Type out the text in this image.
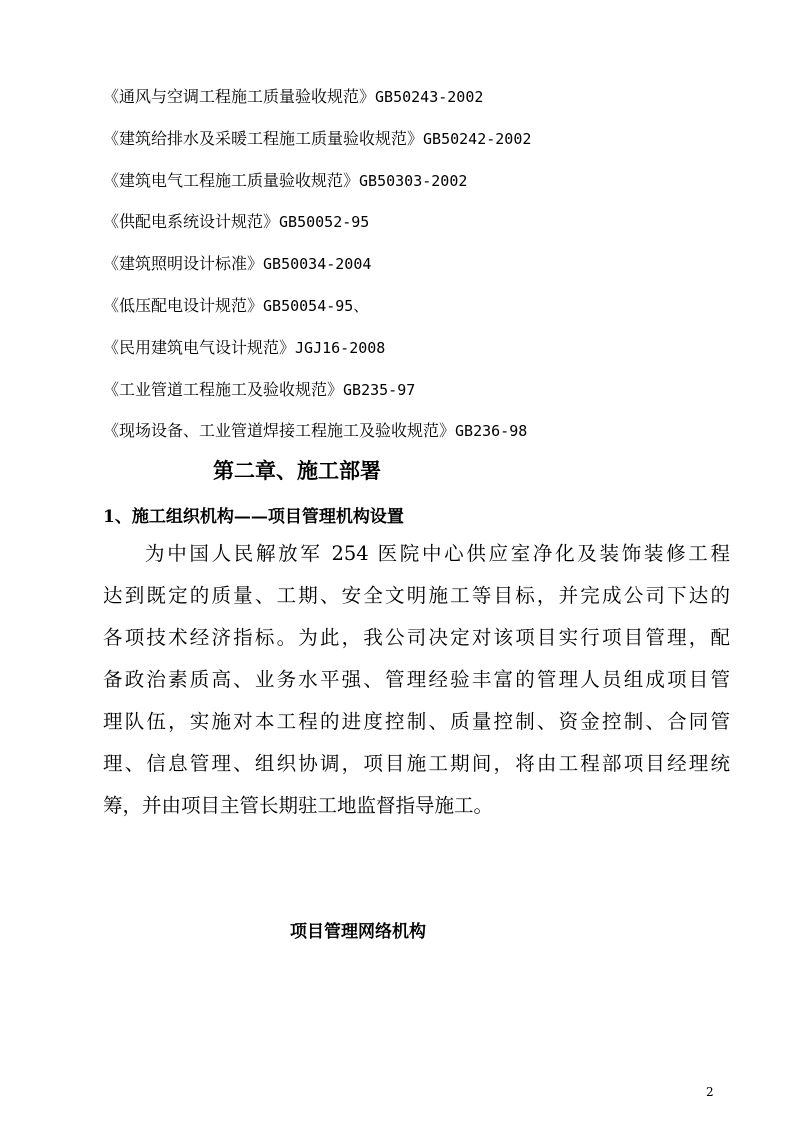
《通风与空调工程施工质量验收规范》GB50243-2002
《建筑给排水及采暖工程施工质量验收规范》GB50242-2002
《建筑电气工程施工质量验收规范》GB50303-2002
《供配电系统设计规范》GB50052-95
《建筑照明设计标准》GB50034-2004
《低压配电设计规范》GB50054-95、
《民用建筑电气设计规范》JGJ16-2008
《工业管道工程施工及验收规范》GB235-97
《现场设备、工业管道焊接工程施工及验收规范》GB236-98
第二章、施工部署
1、施工组织机构——项目管理机构设置
为中国人民解放军 254 医院中心供应室净化及装饰装修工程
达到既定的质量、工期、安全文明施工等目标，并完成公司下达的
各项技术经济指标。为此，我公司决定对该项目实行项目管理，配
备政治素质高、业务水平强、管理经验丰富的管理人员组成项目管
理队伍，实施对本工程的进度控制、质量控制、资金控制、合同管
理、信息管理、组织协调，项目施工期间，将由工程部项目经理统
筹，并由项目主管长期驻工地监督指导施工。
项目管理网络机构
2
